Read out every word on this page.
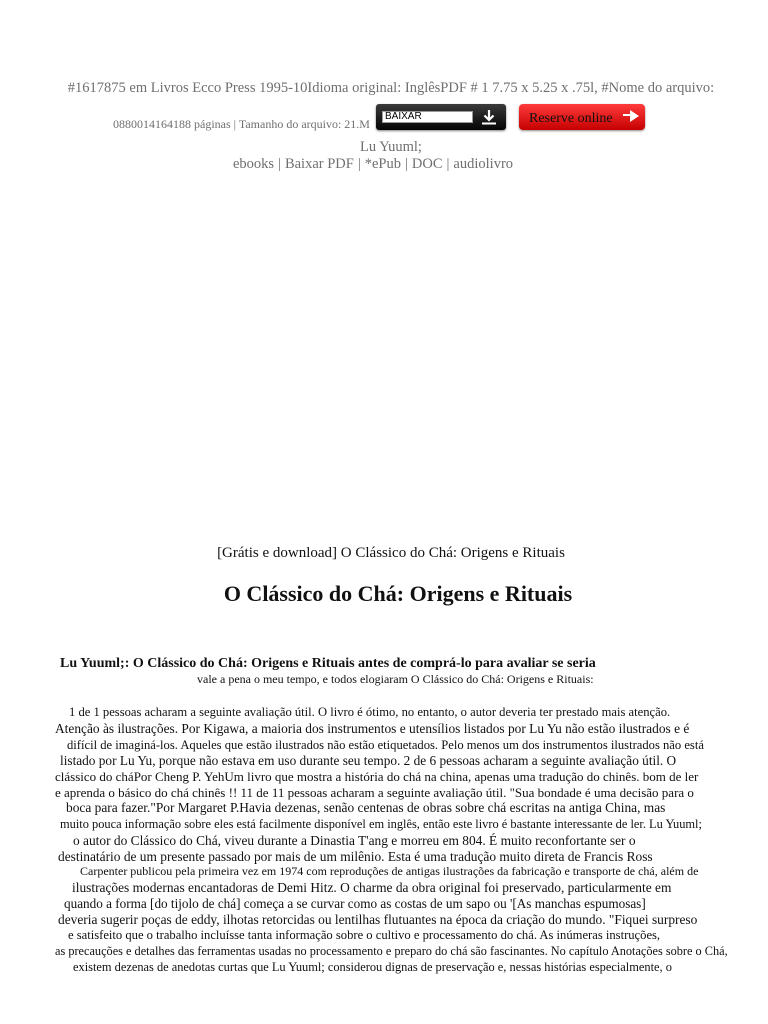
#1617875 em Livros Ecco Press 1995-10Idioma original: InglêsPDF # 1 7.75 x 5.25 x .75l, #Nome do arquivo:
0880014164188 páginas | Tamanho do arquivo: 21.M
BAIXAR	Reserve online
Lu Yuuml;
ebooks | Baixar PDF | *ePub | DOC | audiolivro
[Grátis e download] O Clássico do Chá: Origens e Rituais
O Clássico do Chá: Origens e Rituais
Lu Yuuml;: O Clássico do Chá: Origens e Rituais antes de comprá-lo para avaliar se seria
vale a pena o meu tempo, e todos elogiaram O Clássico do Chá: Origens e Rituais:
1 de 1 pessoas acharam a seguinte avaliação útil. O livro é ótimo, no entanto, o autor deveria ter prestado mais atenção.
Atenção às ilustrações. Por Kigawa, a maioria dos instrumentos e utensílios listados por Lu Yu não estão ilustrados e é
difícil de imaginá-los. Aqueles que estão ilustrados não estão etiquetados. Pelo menos um dos instrumentos ilustrados não está
listado por Lu Yu, porque não estava em uso durante seu tempo. 2 de 6 pessoas acharam a seguinte avaliação útil. O
clássico do cháPor Cheng P. YehUm livro que mostra a história do chá na china, apenas uma tradução do chinês. bom de ler
e aprenda o básico do chá chinês !! 11 de 11 pessoas acharam a seguinte avaliação útil. "Sua bondade é uma decisão para o
boca para fazer."Por Margaret P.Havia dezenas, senão centenas de obras sobre chá escritas na antiga China, mas
muito pouca informação sobre eles está facilmente disponível em inglês, então este livro é bastante interessante de ler. Lu Yuuml;
o autor do Clássico do Chá, viveu durante a Dinastia T'ang e morreu em 804. É muito reconfortante ser o
destinatário de um presente passado por mais de um milênio. Esta é uma tradução muito direta de Francis Ross
Carpenter publicou pela primeira vez em 1974 com reproduções de antigas ilustrações da fabricação e transporte de chá, além de
ilustrações modernas encantadoras de Demi Hitz. O charme da obra original foi preservado, particularmente em
quando a forma [do tijolo de chá] começa a se curvar como as costas de um sapo ou '[As manchas espumosas]
deveria sugerir poças de eddy, ilhotas retorcidas ou lentilhas flutuantes na época da criação do mundo. "Fiquei surpreso
e satisfeito que o trabalho incluísse tanta informação sobre o cultivo e processamento do chá. As inúmeras instruções,
as precauções e detalhes das ferramentas usadas no processamento e preparo do chá são fascinantes. No capítulo Anotações sobre o Chá,
existem dezenas de anedotas curtas que Lu Yuuml; considerou dignas de preservação e, nessas histórias especialmente, o
